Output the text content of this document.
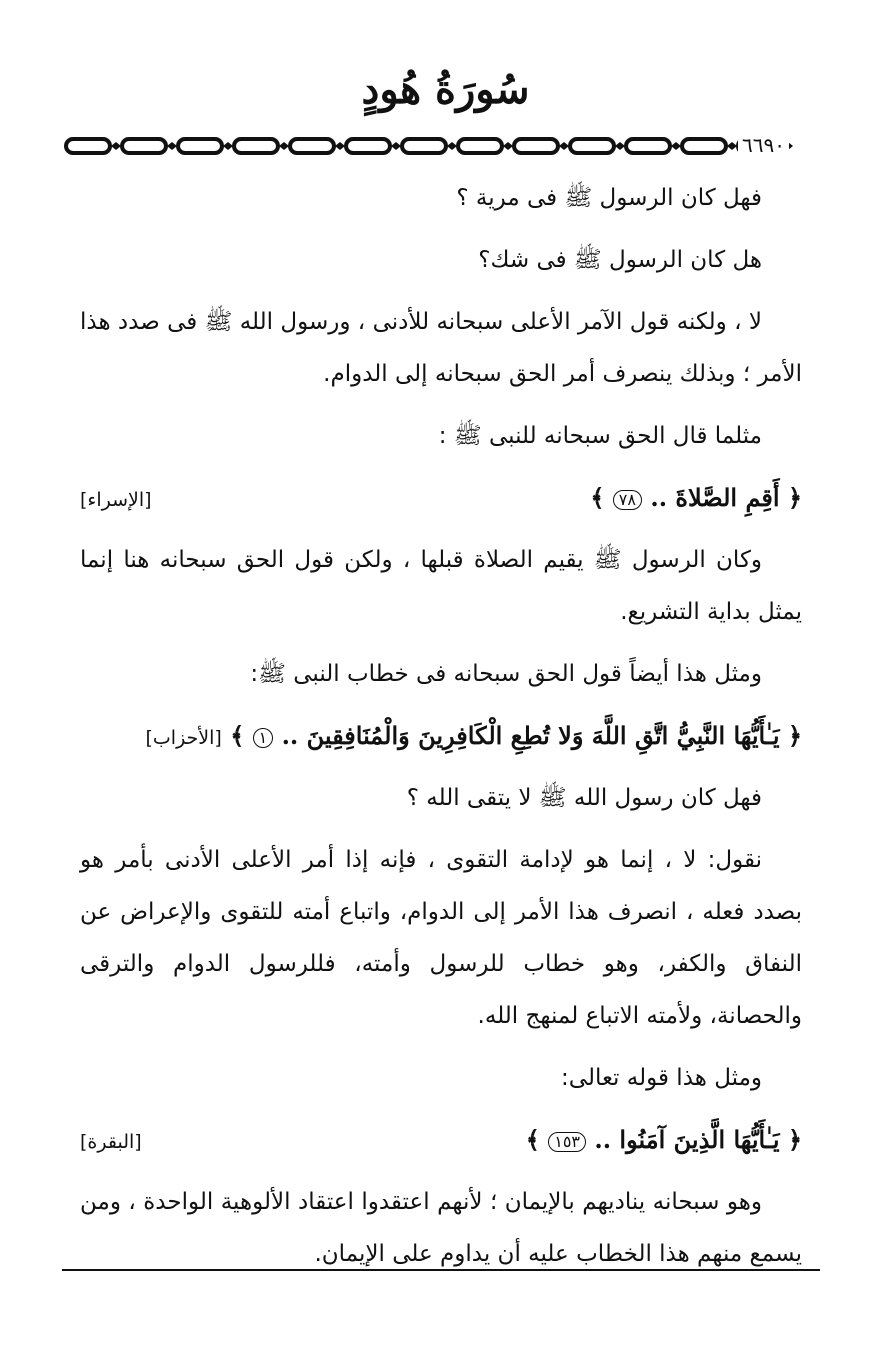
سُورَةُ هُودٍ
٦٦٩٠

فهل كان الرسول ﷺ فى مرية ؟

هل كان الرسول ﷺ فى شك؟

لا ، ولكنه قول الآمر الأعلى سبحانه للأدنى ، ورسول الله ﷺ فى صدد هذا الأمر ؛ وبذلك ينصرف أمر الحق سبحانه إلى الدوام.

مثلما قال الحق سبحانه للنبى ﷺ :

﴿ أَقِمِ الصَّلاةَ .. ٧٨ ﴾
[الإسراء]

وكان الرسول ﷺ يقيم الصلاة قبلها ، ولكن قول الحق سبحانه هنا إنما يمثل بداية التشريع.

ومثل هذا أيضاً قول الحق سبحانه فى خطاب النبى ﷺ:

﴿ يَـٰأَيُّهَا النَّبِيُّ اتَّقِ اللَّهَ وَلا تُطِعِ الْكَافِرِينَ وَالْمُنَافِقِينَ .. ١ ﴾ [الأحزاب]

فهل كان رسول الله ﷺ لا يتقى الله ؟

نقول: لا ، إنما هو لإدامة التقوى ، فإنه إذا أمر الأعلى الأدنى بأمر هو بصدد فعله ، انصرف هذا الأمر إلى الدوام، واتباع أمته للتقوى والإعراض عن النفاق والكفر، وهو خطاب للرسول وأمته، فللرسول الدوام والترقى والحصانة، ولأمته الاتباع لمنهج الله.

ومثل هذا قوله تعالى:

﴿ يَـٰأَيُّهَا الَّذِينَ آمَنُوا .. ١٥٣ ﴾
[البقرة]

وهو سبحانه يناديهم بالإيمان ؛ لأنهم اعتقدوا اعتقاد الألوهية الواحدة ، ومن يسمع منهم هذا الخطاب عليه أن يداوم على الإيمان.
